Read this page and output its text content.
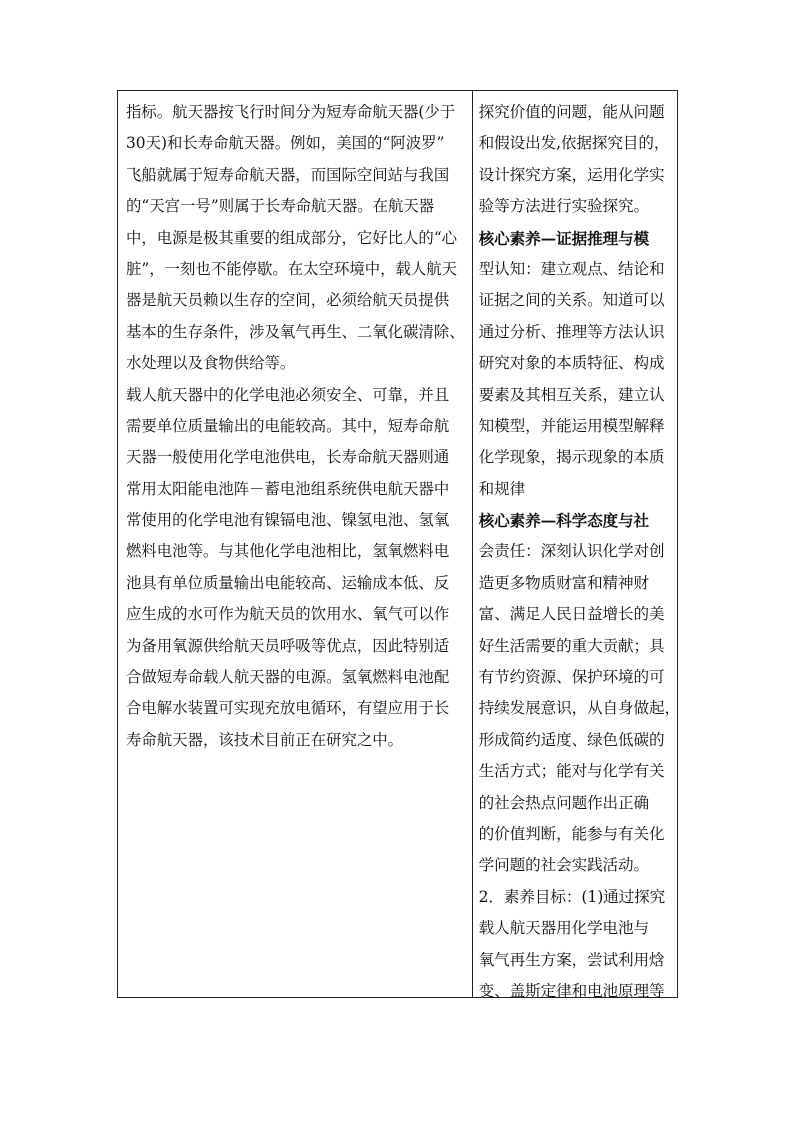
指标。航天器按飞行时间分为短寿命航天器(少于
30天)和长寿命航天器。例如，美国的“阿波罗”
飞船就属于短寿命航天器，而国际空间站与我国
的“天宫一号”则属于长寿命航天器。在航天器
中，电源是极其重要的组成部分，它好比人的“心
脏”，一刻也不能停歇。在太空环境中，载人航天
器是航天员赖以生存的空间，必须给航天员提供
基本的生存条件，涉及氧气再生、二氧化碳清除、
水处理以及食物供给等。
载人航天器中的化学电池必须安全、可靠，并且
需要单位质量输出的电能较高。其中，短寿命航
天器一般使用化学电池供电，长寿命航天器则通
常用太阳能电池阵－蓄电池组系统供电航天器中
常使用的化学电池有镍镉电池、镍氢电池、氢氧
燃料电池等。与其他化学电池相比，氢氧燃料电
池具有单位质量输出电能较高、运输成本低、反
应生成的水可作为航天员的饮用水、氧气可以作
为备用氧源供给航天员呼吸等优点，因此特别适
合做短寿命载人航天器的电源。氢氧燃料电池配
合电解水装置可实现充放电循环，有望应用于长
寿命航天器，该技术目前正在研究之中。
探究价值的问题，能从问题
和假设出发,依据探究目的，
设计探究方案，运用化学实
验等方法进行实验探究。
核心素养—证据推理与模
型认知：建立观点、结论和
证据之间的关系。知道可以
通过分析、推理等方法认识
研究对象的本质特征、构成
要素及其相互关系，建立认
知模型，并能运用模型解释
化学现象，揭示现象的本质
和规律
核心素养—科学态度与社
会责任：深刻认识化学对创
造更多物质财富和精神财
富、满足人民日益增长的美
好生活需要的重大贡献；具
有节约资源、保护环境的可
持续发展意识，从自身做起，
形成简约适度、绿色低碳的
生活方式；能对与化学有关
的社会热点问题作出正确
的价值判断，能参与有关化
学问题的社会实践活动。
2．素养目标：(1)通过探究
载人航天器用化学电池与
氧气再生方案，尝试利用焓
变、盖斯定律和电池原理等
